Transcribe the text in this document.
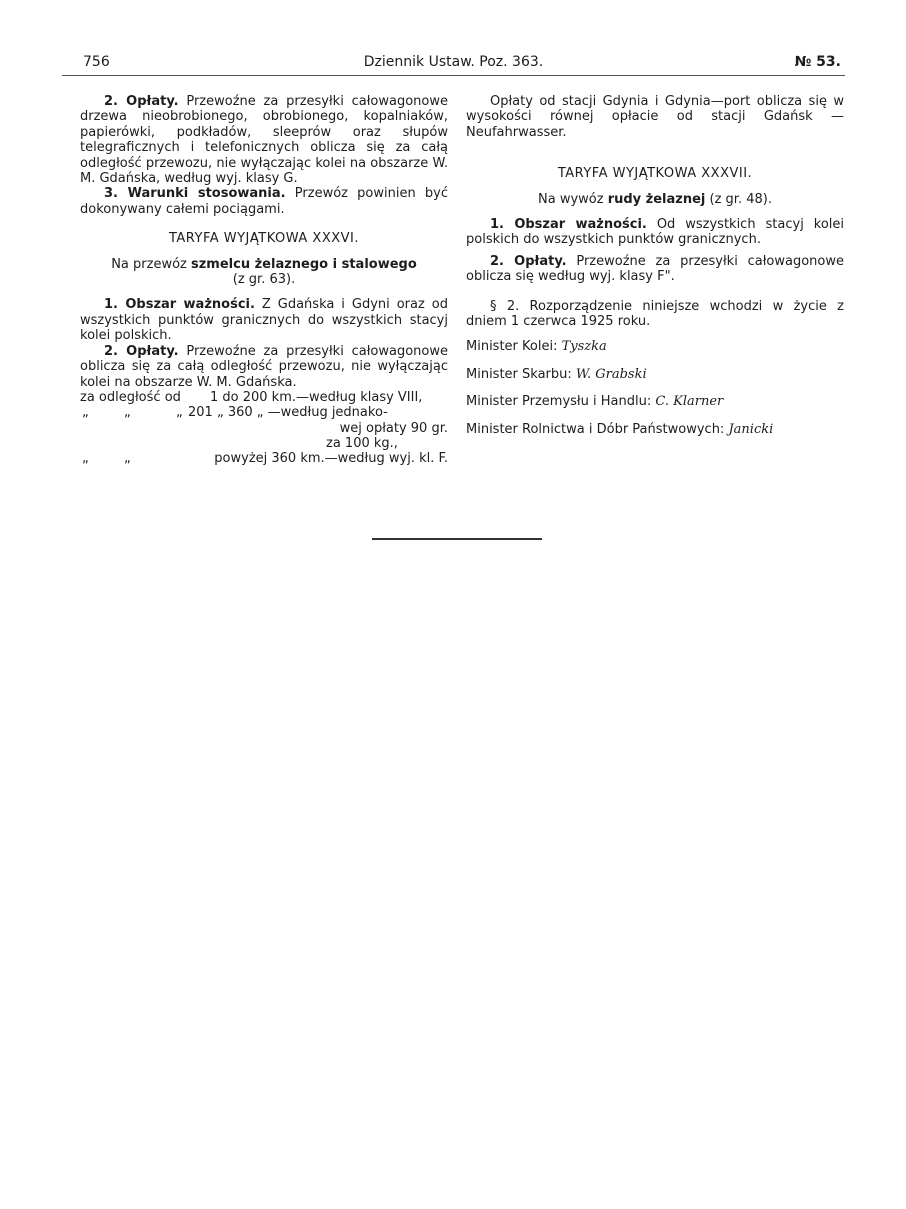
756	Dziennik Ustaw. Poz. 363.	№ 53.

2. Opłaty. Przewoźne za przesyłki całowagonowe drzewa nieobrobionego, obrobionego, kopalniaków, papierówki, podkładów, sleeprów oraz słupów telegraficznych i telefonicznych oblicza się za całą odległość przewozu, nie wyłączając kolei na obszarze W. M. Gdańska, według wyj. klasy G.

3. Warunki stosowania. Przewóz powinien być dokonywany całemi pociągami.

TARYFA WYJĄTKOWA XXXVI.

Na przewóz szmelcu żelaznego i stalowego

(z gr. 63).

1. Obszar ważności. Z Gdańska i Gdyni oraz od wszystkich punktów granicznych do wszystkich stacyj kolei polskich.

2. Opłaty. Przewoźne za przesyłki całowagonowe oblicza się za całą odległość przewozu, nie wyłączając kolei na obszarze W. M. Gdańska.

za odległość od 1 do 200 km.—według klasy VIII,
„	„	„ 201 „ 360 „ —według jednako-
wej opłaty 90 gr.
za 100 kg.,
„	„	powyżej 360 km.—według wyj. kl. F.

Opłaty od stacji Gdynia i Gdynia—port oblicza się w wysokości równej opłacie od stacji Gdańsk — Neufahrwasser.

TARYFA WYJĄTKOWA XXXVII.

Na wywóz rudy żelaznej (z gr. 48).

1. Obszar ważności. Od wszystkich stacyj kolei polskich do wszystkich punktów granicznych.

2. Opłaty. Przewoźne za przesyłki całowagonowe oblicza się według wyj. klasy F".

§ 2. Rozporządzenie niniejsze wchodzi w życie z dniem 1 czerwca 1925 roku.

Minister Kolei: Tyszka

Minister Skarbu: W. Grabski

Minister Przemysłu i Handlu: C. Klarner

Minister Rolnictwa i Dóbr Państwowych: Janicki
